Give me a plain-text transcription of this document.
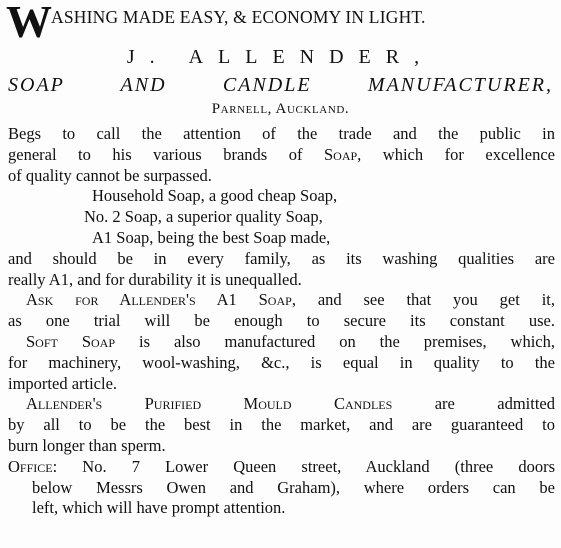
WASHING MADE EASY, & ECONOMY IN LIGHT.
J. ALLENDER,
SOAP AND CANDLE MANUFACTURER,
Parnell, Auckland.
Begs to call the attention of the trade and the public in
general to his various brands of Soap, which for excellence
of quality cannot be surpassed.
Household Soap, a good cheap Soap,
No. 2 Soap, a superior quality Soap,
A1 Soap, being the best Soap made,
and should be in every family, as its washing qualities are
really A1, and for durability it is unequalled.
Ask for Allender's A1 Soap, and see that you get it,
as one trial will be enough to secure its constant use.
Soft Soap is also manufactured on the premises, which,
for machinery, wool-washing, &c., is equal in quality to the
imported article.
Allender's Purified Mould Candles are admitted
by all to be the best in the market, and are guaranteed to
burn longer than sperm.
Office: No. 7 Lower Queen street, Auckland (three doors
below Messrs Owen and Graham), where orders can be
left, which will have prompt attention.
